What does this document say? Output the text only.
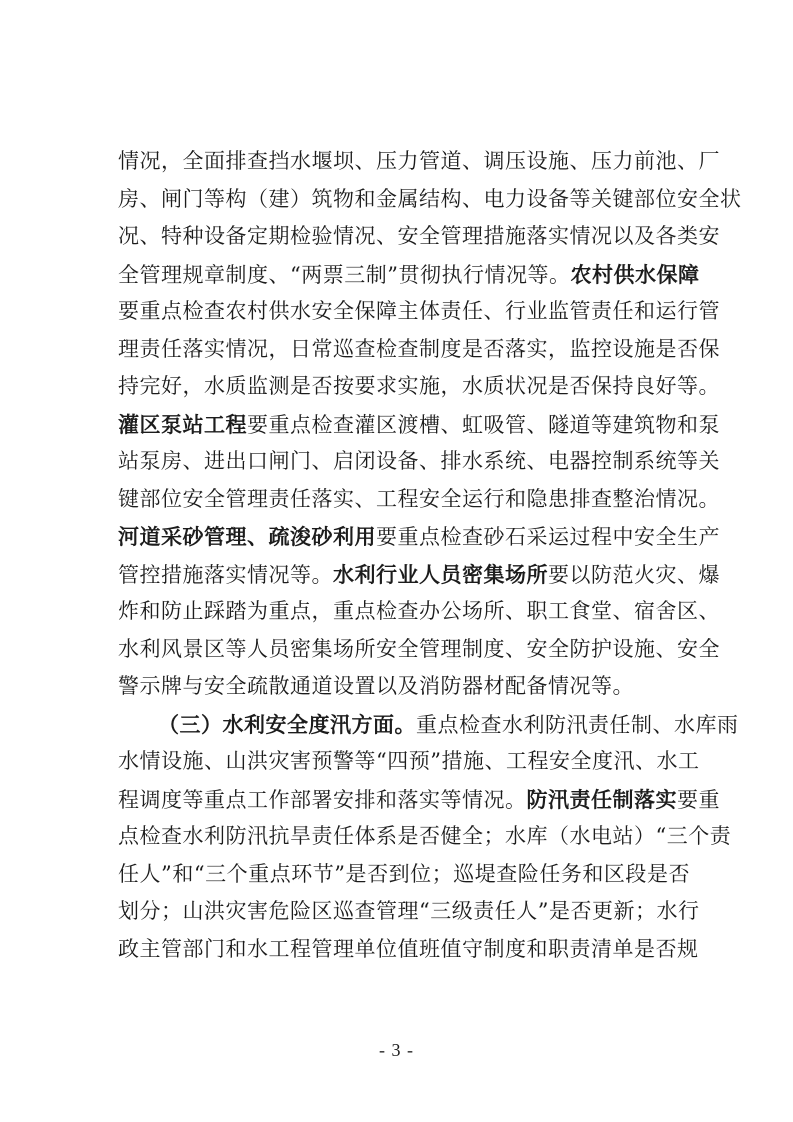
情况，全面排查挡水堰坝、压力管道、调压设施、压力前池、厂
房、闸门等构（建）筑物和金属结构、电力设备等关键部位安全状
况、特种设备定期检验情况、安全管理措施落实情况以及各类安
全管理规章制度、“两票三制”贯彻执行情况等。农村供水保障
要重点检查农村供水安全保障主体责任、行业监管责任和运行管
理责任落实情况，日常巡查检查制度是否落实，监控设施是否保
持完好，水质监测是否按要求实施，水质状况是否保持良好等。
灌区泵站工程要重点检查灌区渡槽、虹吸管、隧道等建筑物和泵
站泵房、进出口闸门、启闭设备、排水系统、电器控制系统等关
键部位安全管理责任落实、工程安全运行和隐患排查整治情况。
河道采砂管理、疏浚砂利用要重点检查砂石采运过程中安全生产
管控措施落实情况等。水利行业人员密集场所要以防范火灾、爆
炸和防止踩踏为重点，重点检查办公场所、职工食堂、宿舍区、
水利风景区等人员密集场所安全管理制度、安全防护设施、安全
警示牌与安全疏散通道设置以及消防器材配备情况等。
（三）水利安全度汛方面。重点检查水利防汛责任制、水库雨
水情设施、山洪灾害预警等“四预”措施、工程安全度汛、水工
程调度等重点工作部署安排和落实等情况。防汛责任制落实要重
点检查水利防汛抗旱责任体系是否健全；水库（水电站）“三个责
任人”和“三个重点环节”是否到位；巡堤查险任务和区段是否
划分；山洪灾害危险区巡查管理“三级责任人”是否更新；水行
政主管部门和水工程管理单位值班值守制度和职责清单是否规
- 3 -
